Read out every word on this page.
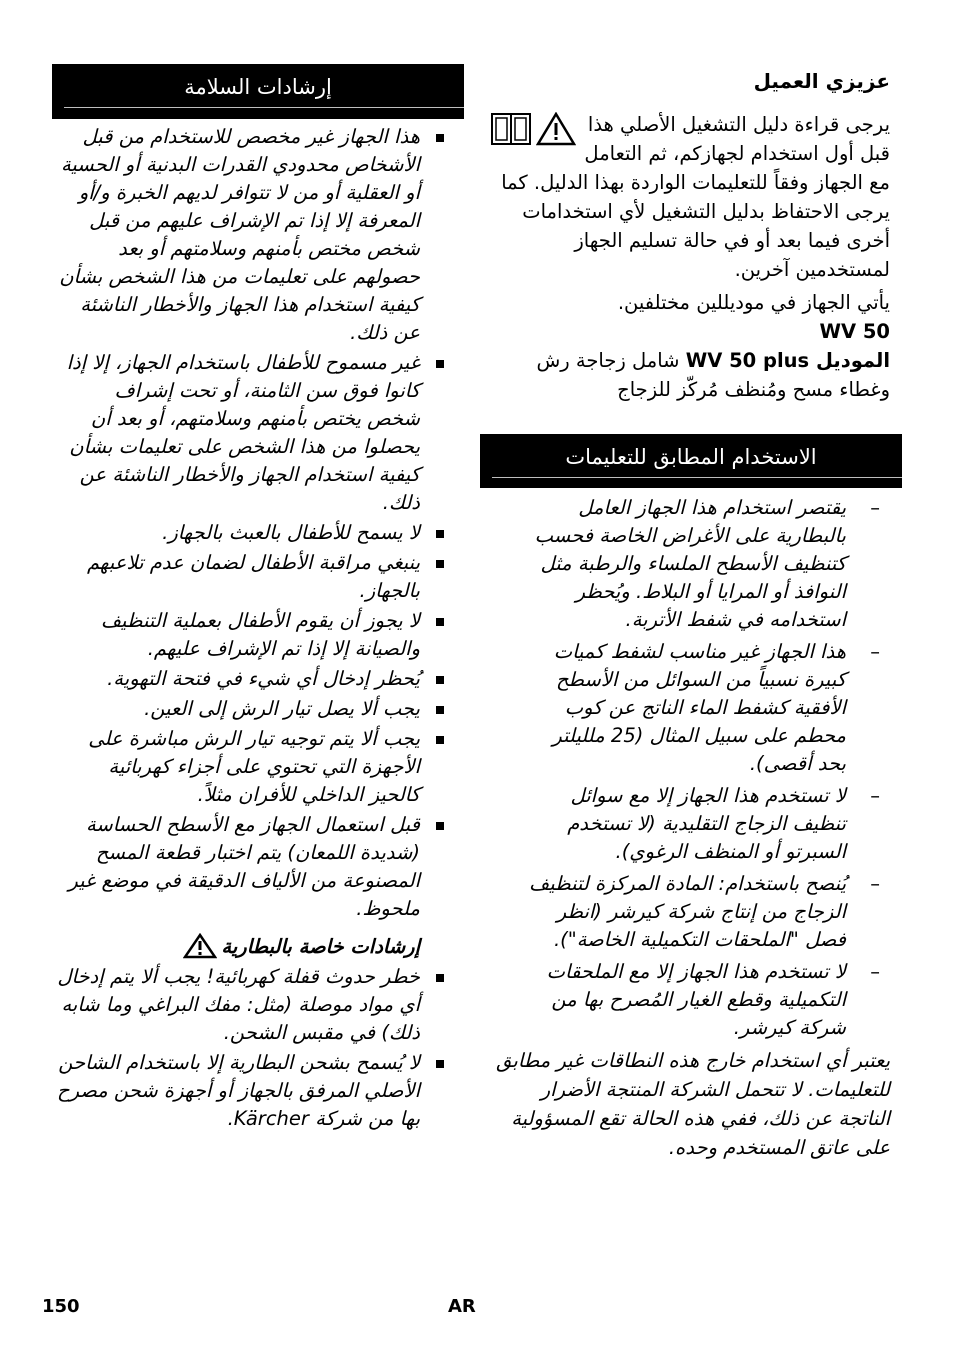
عزيزي العميل

يرجى قراءة دليل التشغيل الأصلي هذا قبل أول استخدام لجهازكم، ثم التعامل مع الجهاز وفقاً للتعليمات الواردة بهذا الدليل. كما يرجى الاحتفاظ بدليل التشغيل لأي استخدامات أخرى فيما بعد أو في حالة تسليم الجهاز لمستخدمين آخرين.

يأتي الجهاز في موديللين مختلفين.

WV 50

الموديل WV 50 plus شامل زجاجة رش وغطاء مسح ومُنظف مُركّز للزجاج

الاستخدام المطابق للتعليمات
–
يقتصر استخدام هذا الجهاز العامل بالبطارية على الأغراض الخاصة فحسب كتنظيف الأسطح الملساء والرطبة مثل النوافذ أو المرايا أو البلاط. ويُحظر استخدامه في شفط الأتربة.
–
هذا الجهاز غير مناسب لشفط كميات كبيرة نسبياً من السوائل من الأسطح الأفقية كشفط الماء الناتج عن كوب محطم على سبيل المثال (25 ملليلتر بحد أقصى).
–
لا تستخدم هذا الجهاز إلا مع سوائل تنظيف الزجاج التقليدية (لا تستخدم السبرتو أو المنظف الرغوي).
–
يُنصح باستخدام: المادة المركزة لتنظيف الزجاج من إنتاج شركة كيرشر (انظر فصل "الملحقات التكميلية الخاصة").
–
لا تستخدم هذا الجهاز إلا مع الملحقات التكميلية وقطع الغيار المُصرح بها من شركة كيرشر.

يعتبر أي استخدام خارج هذه النطاقات غير مطابق للتعليمات. لا تتحمل الشركة المنتجة الأضرار الناتجة عن ذلك، ففي هذه الحالة تقع المسؤولية على عاتق المستخدم وحده.

إرشادات السلامة
هذا الجهاز غير مخصص للاستخدام من قبل الأشخاص محدودي القدرات البدنية أو الحسية أو العقلية أو من لا تتوافر لديهم الخبرة و/أو المعرفة إلا إذا تم الإشراف عليهم من قبل شخص مختص بأمنهم وسلامتهم أو بعد حصولهم على تعليمات من هذا الشخص بشأن كيفية استخدام هذا الجهاز والأخطار الناشئة عن ذلك.
غير مسموح للأطفال باستخدام الجهاز، إلا إذا كانوا فوق سن الثامنة، أو تحت إشراف شخص يختص بأمنهم وسلامتهم، أو بعد أن يحصلوا من هذا الشخص على تعليمات بشأن كيفية استخدام الجهاز والأخطار الناشئة عن ذلك.
لا يسمح للأطفال بالعبث بالجهاز.
ينبغي مراقبة الأطفال لضمان عدم تلاعبهم بالجهاز.
لا يجوز أن يقوم الأطفال بعملية التنظيف والصيانة إلا إذا تم الإشراف عليهم.
يُحظر إدخال أي شيء في فتحة التهوية.
يجب ألا يصل تيار الرش إلى العين.
يجب ألا يتم توجيه تيار الرش مباشرة على الأجهزة التي تحتوي على أجزاء كهربائية كالحيز الداخلي للأفران مثلاً.
قبل استعمال الجهاز مع الأسطح الحساسة (شديدة اللمعان) يتم اختبار قطعة المسح المصنوعة من الألياف الدقيقة في موضع غير ملحوظ.
إرشادات خاصة بالبطارية
خطر حدوث قفلة كهربائية! يجب ألا يتم إدخال أي مواد موصلة (مثل: مفك البراغي وما شابه ذلك) في مقبس الشحن.
لا يُسمح بشحن البطارية إلا باستخدام الشاحن الأصلي المرفق بالجهاز أو أجهزة شحن مصرح بها من شركة Kärcher.
150	AR
